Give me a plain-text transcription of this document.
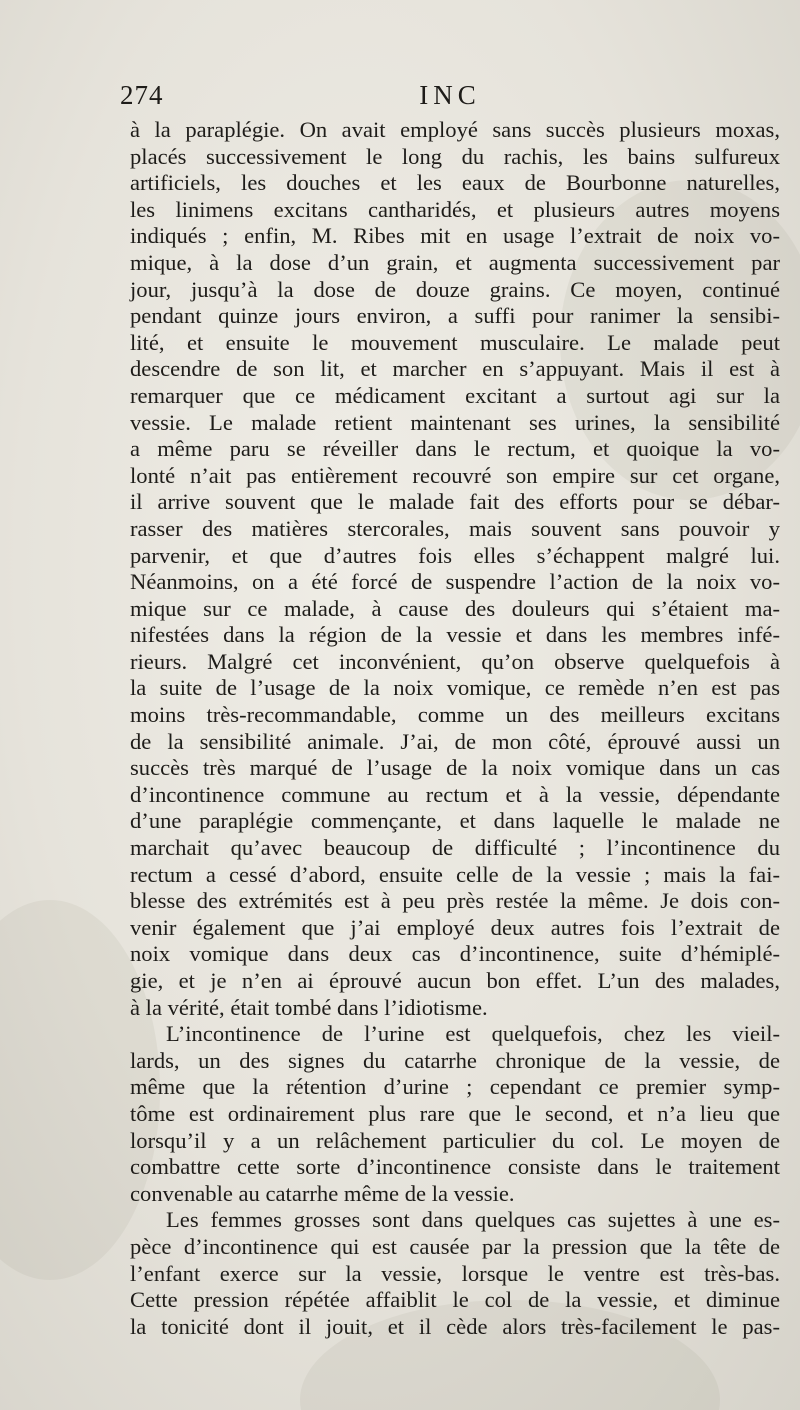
274	INC
à la paraplégie. On avait employé sans succès plusieurs moxas,
placés successivement le long du rachis, les bains sulfureux
artificiels, les douches et les eaux de Bourbonne naturelles,
les linimens excitans cantharidés, et plusieurs autres moyens
indiqués ; enfin, M. Ribes mit en usage l’extrait de noix vo-
mique, à la dose d’un grain, et augmenta successivement par
jour, jusqu’à la dose de douze grains. Ce moyen, continué
pendant quinze jours environ, a suffi pour ranimer la sensibi-
lité, et ensuite le mouvement musculaire. Le malade peut
descendre de son lit, et marcher en s’appuyant. Mais il est à
remarquer que ce médicament excitant a surtout agi sur la
vessie. Le malade retient maintenant ses urines, la sensibilité
a même paru se réveiller dans le rectum, et quoique la vo-
lonté n’ait pas entièrement recouvré son empire sur cet organe,
il arrive souvent que le malade fait des efforts pour se débar-
rasser des matières stercorales, mais souvent sans pouvoir y
parvenir, et que d’autres fois elles s’échappent malgré lui.
Néanmoins, on a été forcé de suspendre l’action de la noix vo-
mique sur ce malade, à cause des douleurs qui s’étaient ma-
nifestées dans la région de la vessie et dans les membres infé-
rieurs. Malgré cet inconvénient, qu’on observe quelquefois à
la suite de l’usage de la noix vomique, ce remède n’en est pas
moins très-recommandable, comme un des meilleurs excitans
de la sensibilité animale. J’ai, de mon côté, éprouvé aussi un
succès très marqué de l’usage de la noix vomique dans un cas
d’incontinence commune au rectum et à la vessie, dépendante
d’une paraplégie commençante, et dans laquelle le malade ne
marchait qu’avec beaucoup de difficulté ; l’incontinence du
rectum a cessé d’abord, ensuite celle de la vessie ; mais la fai-
blesse des extrémités est à peu près restée la même. Je dois con-
venir également que j’ai employé deux autres fois l’extrait de
noix vomique dans deux cas d’incontinence, suite d’hémiplé-
gie, et je n’en ai éprouvé aucun bon effet. L’un des malades,
à la vérité, était tombé dans l’idiotisme.
L’incontinence de l’urine est quelquefois, chez les vieil-
lards, un des signes du catarrhe chronique de la vessie, de
même que la rétention d’urine ; cependant ce premier symp-
tôme est ordinairement plus rare que le second, et n’a lieu que
lorsqu’il y a un relâchement particulier du col. Le moyen de
combattre cette sorte d’incontinence consiste dans le traitement
convenable au catarrhe même de la vessie.
Les femmes grosses sont dans quelques cas sujettes à une es-
pèce d’incontinence qui est causée par la pression que la tête de
l’enfant exerce sur la vessie, lorsque le ventre est très-bas.
Cette pression répétée affaiblit le col de la vessie, et diminue
la tonicité dont il jouit, et il cède alors très-facilement le pas-
